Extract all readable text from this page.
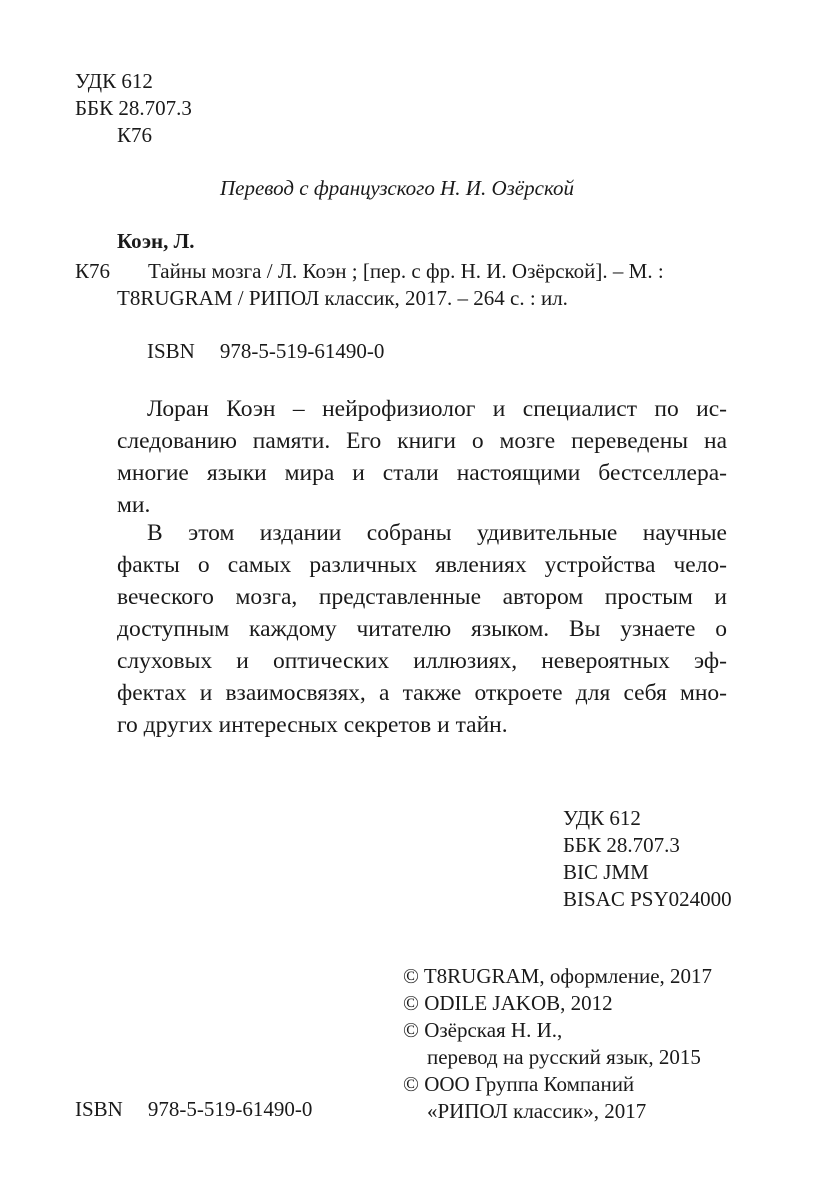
УДК 612
ББК 28.707.3
К76
Перевод с французского Н. И. Озёрской
Коэн, Л.
К76 Тайны мозга / Л. Коэн ; [пер. с фр. Н. И. Озёрской]. – М. :
T8RUGRAM / РИПОЛ классик, 2017. – 264 с. : ил.
ISBN 978-5-519-61490-0
Лоран Коэн – нейрофизиолог и специалист по ис-
следованию памяти. Его книги о мозге переведены на
многие языки мира и стали настоящими бестселлера-
ми.
В этом издании собраны удивительные научные
факты о самых различных явлениях устройства чело-
веческого мозга, представленные автором простым и
доступным каждому читателю языком. Вы узнаете о
слуховых и оптических иллюзиях, невероятных эф-
фектах и взаимосвязях, а также откроете для себя мно-
го других интересных секретов и тайн.
УДК 612
ББК 28.707.3
BIC JMM
BISAC PSY024000
© T8RUGRAM, оформление, 2017
© ODILE JAKOB, 2012
© Озёрская Н. И.,
перевод на русский язык, 2015
© ООО Группа Компаний
«РИПОЛ классик», 2017
ISBN 978-5-519-61490-0
